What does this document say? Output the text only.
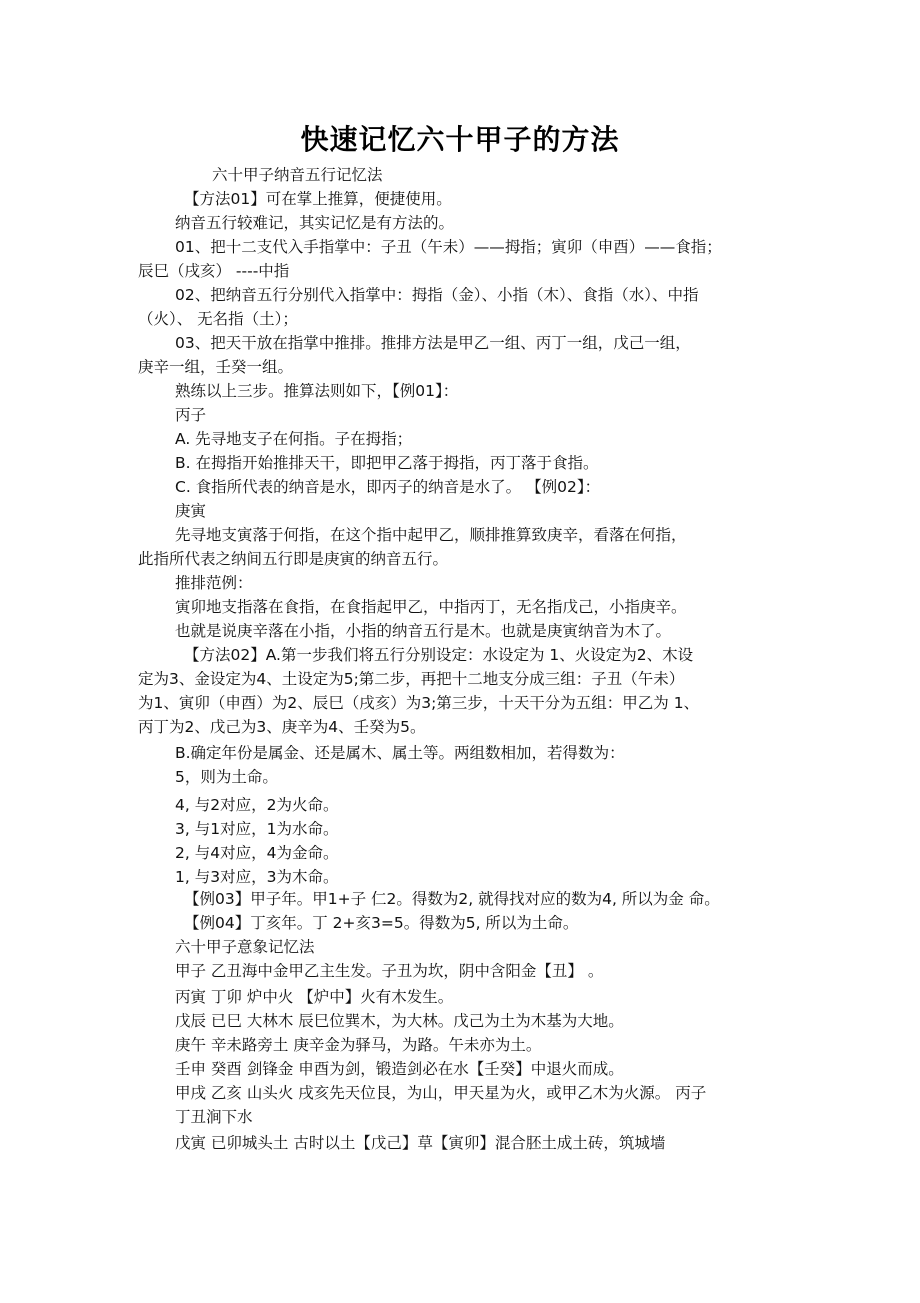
快速记忆六十甲子的方法
六十甲子纳音五行记忆法
【方法01】可在掌上推算，便捷使用。
纳音五行较难记，其实记忆是有方法的。
01、把十二支代入手指掌中：子丑（午未）——拇指；寅卯（申酉）——食指；
辰巳（戌亥） ----中指
02、把纳音五行分别代入指掌中：拇指（金）、小指（木）、食指（水）、中指
（火）、 无名指（土）；
03、把天干放在指掌中推排。推排方法是甲乙一组、丙丁一组，戊己一组，
庚辛一组，壬癸一组。
熟练以上三步。推算法则如下，【例01】：
丙子
A. 先寻地支子在何指。子在拇指；
B. 在拇指开始推排天干，即把甲乙落于拇指，丙丁落于食指。
C. 食指所代表的纳音是水，即丙子的纳音是水了。 【例02】：
庚寅
先寻地支寅落于何指，在这个指中起甲乙，顺排推算致庚辛，看落在何指，
此指所代表之纳间五行即是庚寅的纳音五行。
推排范例：
寅卯地支指落在食指，在食指起甲乙，中指丙丁，无名指戊己，小指庚辛。
也就是说庚辛落在小指，小指的纳音五行是木。也就是庚寅纳音为木了。
【方法02】A.第一步我们将五行分别设定：水设定为 1、火设定为2、木设
定为3、金设定为4、土设定为5;第二步，再把十二地支分成三组：子丑（午未）
为1、寅卯（申酉）为2、辰巳（戌亥）为3;第三步，十天干分为五组：甲乙为 1、
丙丁为2、戊己为3、庚辛为4、壬癸为5。
B.确定年份是属金、还是属木、属土等。两组数相加，若得数为：
5，则为土命。
4, 与2对应，2为火命。
3, 与1对应，1为水命。
2, 与4对应，4为金命。
1, 与3对应，3为木命。
【例03】甲子年。甲1+子 仁2。得数为2, 就得找对应的数为4, 所以为金 命。
【例04】丁亥年。丁 2+亥3=5。得数为5, 所以为土命。
六十甲子意象记忆法
甲子 乙丑海中金甲乙主生发。子丑为坎，阴中含阳金【丑】 。
丙寅 丁卯 炉中火 【炉中】火有木发生。
戊辰 已巳 大林木 辰巳位巽木，为大林。戊己为土为木基为大地。
庚午 辛未路旁土 庚辛金为驿马，为路。午未亦为土。
壬申 癸酉 剑锋金 申酉为剑，锻造剑必在水【壬癸】中退火而成。
甲戌 乙亥 山头火 戌亥先天位艮，为山，甲天星为火，或甲乙木为火源。 丙子
丁丑涧下水
戊寅 已卯城头土 古时以土【戊己】草【寅卯】混合胚土成土砖，筑城墙
